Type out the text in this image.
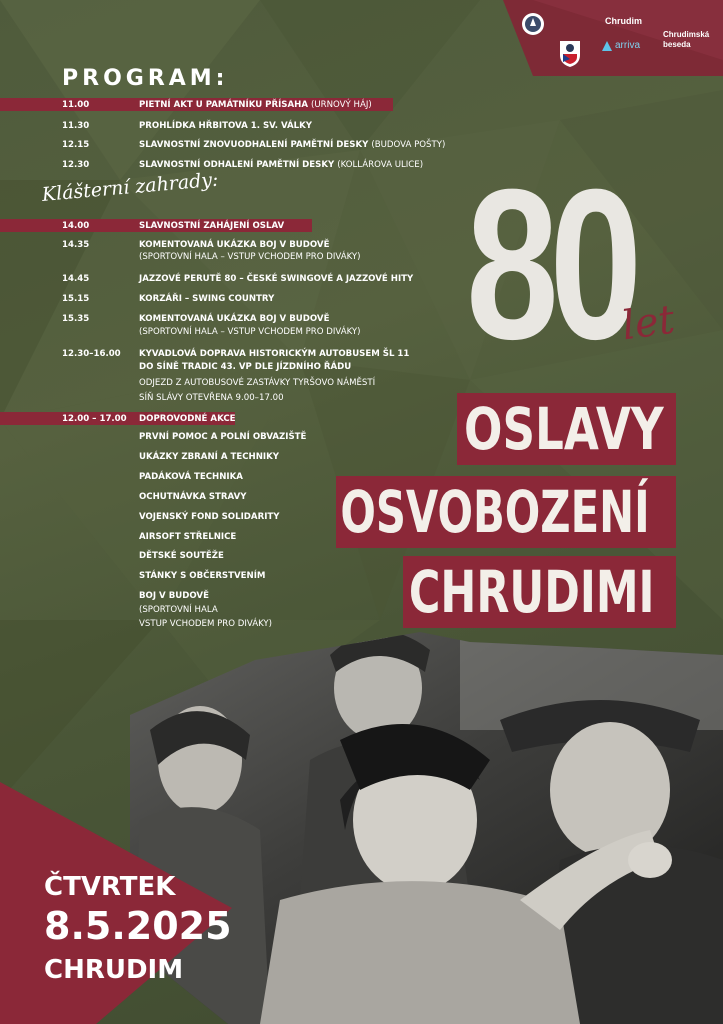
Chrudim
arriva
Chrudimská
beseda
PROGRAM:
11.00	PIETNÍ AKT U PAMÁTNÍKU PŘÍSAHA (URNOVÝ HÁJ)
11.30	PROHLÍDKA HŘBITOVA 1. SV. VÁLKY
12.15	SLAVNOSTNÍ ZNOVUODHALENÍ PAMĚTNÍ DESKY (BUDOVA POŠTY)
12.30	SLAVNOSTNÍ ODHALENÍ PAMĚTNÍ DESKY (KOLLÁROVA ULICE)
Klášterní zahrady:
14.00	SLAVNOSTNÍ ZAHÁJENÍ OSLAV
14.35	KOMENTOVANÁ UKÁZKA BOJ V BUDOVĚ
(SPORTOVNÍ HALA – VSTUP VCHODEM PRO DIVÁKY)
14.45	JAZZOVÉ PERUTĚ 80 – ČESKÉ SWINGOVÉ A JAZZOVÉ HITY
15.15	KORZÁŘI – SWING COUNTRY
15.35	KOMENTOVANÁ UKÁZKA BOJ V BUDOVĚ
(SPORTOVNÍ HALA – VSTUP VCHODEM PRO DIVÁKY)
12.30–16.00 KYVADLOVÁ DOPRAVA HISTORICKÝM AUTOBUSEM ŠL 11
DO SÍNĚ TRADIC 43. VP DLE JÍZDNÍHO ŘÁDU
ODJEZD Z AUTOBUSOVÉ ZASTÁVKY TYRŠOVO NÁMĚSTÍ
SÍŇ SLÁVY OTEVŘENA 9.00–17.00
12.00 – 17.00 DOPROVODNÉ AKCE
PRVNÍ POMOC A POLNÍ OBVAZIŠTĚ
UKÁZKY ZBRANÍ A TECHNIKY
PADÁKOVÁ TECHNIKA
OCHUTNÁVKA STRAVY
VOJENSKÝ FOND SOLIDARITY
AIRSOFT STŘELNICE
DĚTSKÉ SOUTĚŽE
STÁNKY S OBČERSTVENÍM
BOJ V BUDOVĚ
(SPORTOVNÍ HALA
VSTUP VCHODEM PRO DIVÁKY)
80
let
OSLAVY
OSVOBOZENÍ
CHRUDIMI
ČTVRTEK
8.5.2025
CHRUDIM
